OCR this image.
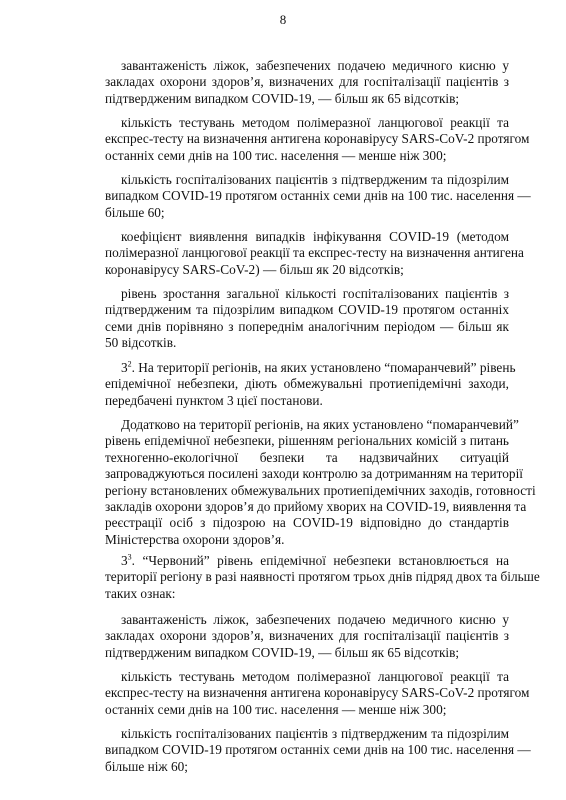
8
завантаженість ліжок, забезпечених подачею медичного кисню у
закладах охорони здоров’я, визначених для госпіталізації пацієнтів з
підтвердженим випадком COVID-19, — більш як 65 відсотків;
кількість тестувань методом полімеразної ланцюгової реакції та
експрес-тесту на визначення антигена коронавірусу SARS-CoV-2 протягом
останніх семи днів на 100 тис. населення — менше ніж 300;
кількість госпіталізованих пацієнтів з підтвердженим та підозрілим
випадком COVID-19 протягом останніх семи днів на 100 тис. населення —
більше 60;
коефіцієнт виявлення випадків інфікування COVID-19 (методом
полімеразної ланцюгової реакції та експрес-тесту на визначення антигена
коронавірусу SARS-CoV-2) — більш як 20 відсотків;
рівень зростання загальної кількості госпіталізованих пацієнтів з
підтвердженим та підозрілим випадком COVID-19 протягом останніх
семи днів порівняно з попереднім аналогічним періодом — більш як
50 відсотків.
$3^2$. На території регіонів, на яких установлено “помаранчевий” рівень
епідемічної небезпеки, діють обмежувальні протиепідемічні заходи,
передбачені пунктом 3 цієї постанови.
Додатково на території регіонів, на яких установлено “помаранчевий”
рівень епідемічної небезпеки, рішенням регіональних комісій з питань
техногенно-екологічної безпеки та надзвичайних ситуацій
запроваджуються посилені заходи контролю за дотриманням на території
регіону встановлених обмежувальних протиепідемічних заходів, готовності
закладів охорони здоров’я до прийому хворих на COVID-19, виявлення та
реєстрації осіб з підозрою на COVID-19 відповідно до стандартів
Міністерства охорони здоров’я.
$3^3$. “Червоний” рівень епідемічної небезпеки встановлюється на
території регіону в разі наявності протягом трьох днів підряд двох та більше
таких ознак:
завантаженість ліжок, забезпечених подачею медичного кисню у
закладах охорони здоров’я, визначених для госпіталізації пацієнтів з
підтвердженим випадком COVID-19, — більш як 65 відсотків;
кількість тестувань методом полімеразної ланцюгової реакції та
експрес-тесту на визначення антигена коронавірусу SARS-CoV-2 протягом
останніх семи днів на 100 тис. населення — менше ніж 300;
кількість госпіталізованих пацієнтів з підтвердженим та підозрілим
випадком COVID-19 протягом останніх семи днів на 100 тис. населення —
більше ніж 60;
